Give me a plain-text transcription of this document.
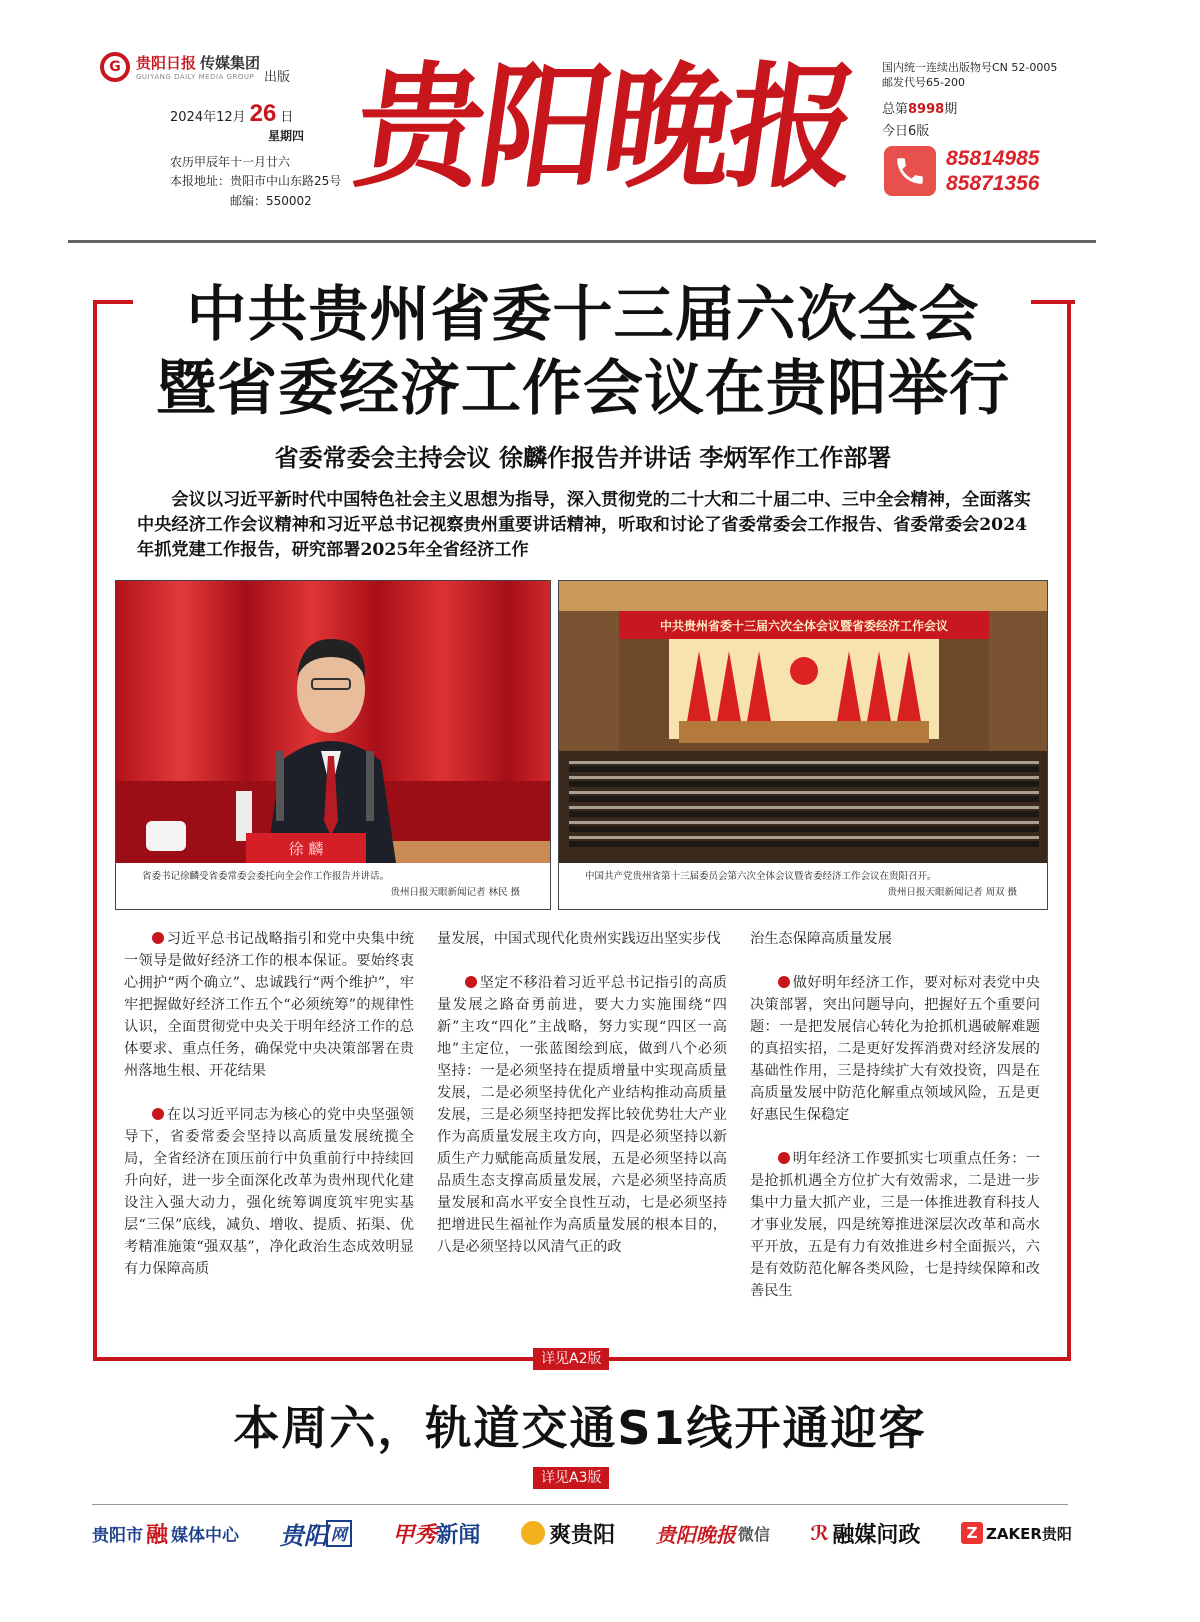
G	贵阳日报 传媒集团
GUIYANG DAILY MEDIA GROUP 出版
2024年12月 26 日
星期四
农历甲辰年十一月廿六
本报地址：贵阳市中山东路25号
邮编：550002 贵阳晚报 国内统一连续出版物号CN 52-0005
邮发代号65-200
总第8998期
今日6版
85814985
85871356
中共贵州省委十三届六次全会
暨省委经济工作会议在贵阳举行
省委常委会主持会议 徐麟作报告并讲话 李炳军作工作部署
会议以习近平新时代中国特色社会主义思想为指导，深入贯彻党的二十大和二十届二中、三中全会精神，全面落实中央经济工作会议精神和习近平总书记视察贵州重要讲话精神，听取和讨论了省委常委会工作报告、省委常委会2024年抓党建工作报告，研究部署2025年全省经济工作
徐 麟
省委书记徐麟受省委常委会委托向全会作工作报告并讲话。
贵州日报天眼新闻记者 林民 摄
中共贵州省委十三届六次全体会议暨省委经济工作会议
中国共产党贵州省第十三届委员会第六次全体会议暨省委经济工作会议在贵阳召开。
贵州日报天眼新闻记者 周双 摄

习近平总书记战略指引和党中央集中统一领导是做好经济工作的根本保证。要始终衷心拥护“两个确立”、忠诚践行“两个维护”，牢牢把握做好经济工作五个“必须统筹”的规律性认识，全面贯彻党中央关于明年经济工作的总体要求、重点任务，确保党中央决策部署在贵州落地生根、开花结果

在以习近平同志为核心的党中央坚强领导下，省委常委会坚持以高质量发展统揽全局，全省经济在顶压前行中负重前行中持续回升向好，进一步全面深化改革为贵州现代化建设注入强大动力，强化统筹调度筑牢兜实基层“三保”底线，减负、增收、提质、拓渠、优考精准施策“强双基”，净化政治生态成效明显有力保障高质

量发展，中国式现代化贵州实践迈出坚实步伐

坚定不移沿着习近平总书记指引的高质量发展之路奋勇前进，要大力实施围绕“四新”主攻“四化”主战略，努力实现“四区一高地”主定位，一张蓝图绘到底，做到八个必须坚持：一是必须坚持在提质增量中实现高质量发展，二是必须坚持优化产业结构推动高质量发展，三是必须坚持把发挥比较优势壮大产业作为高质量发展主攻方向，四是必须坚持以新质生产力赋能高质量发展，五是必须坚持以高品质生态支撑高质量发展，六是必须坚持高质量发展和高水平安全良性互动，七是必须坚持把增进民生福祉作为高质量发展的根本目的，八是必须坚持以风清气正的政

治生态保障高质量发展

做好明年经济工作，要对标对表党中央决策部署，突出问题导向，把握好五个重要问题：一是把发展信心转化为抢抓机遇破解难题的真招实招，二是更好发挥消费对经济发展的基础性作用，三是持续扩大有效投资，四是在高质量发展中防范化解重点领域风险，五是更好惠民生保稳定

明年经济工作要抓实七项重点任务：一是抢抓机遇全方位扩大有效需求，二是进一步集中力量大抓产业，三是一体推进教育科技人才事业发展，四是统筹推进深层次改革和高水平开放，五是有力有效推进乡村全面振兴，六是有效防范化解各类风险，七是持续保障和改善民生

详见A2版
本周六，轨道交通S1线开通迎客
详见A3版
贵阳市 融 媒体中心 贵阳 网 甲秀 新闻	爽贵阳 贵阳晚报 微信 ℛ 融媒问政	Z ZAKER贵阳
